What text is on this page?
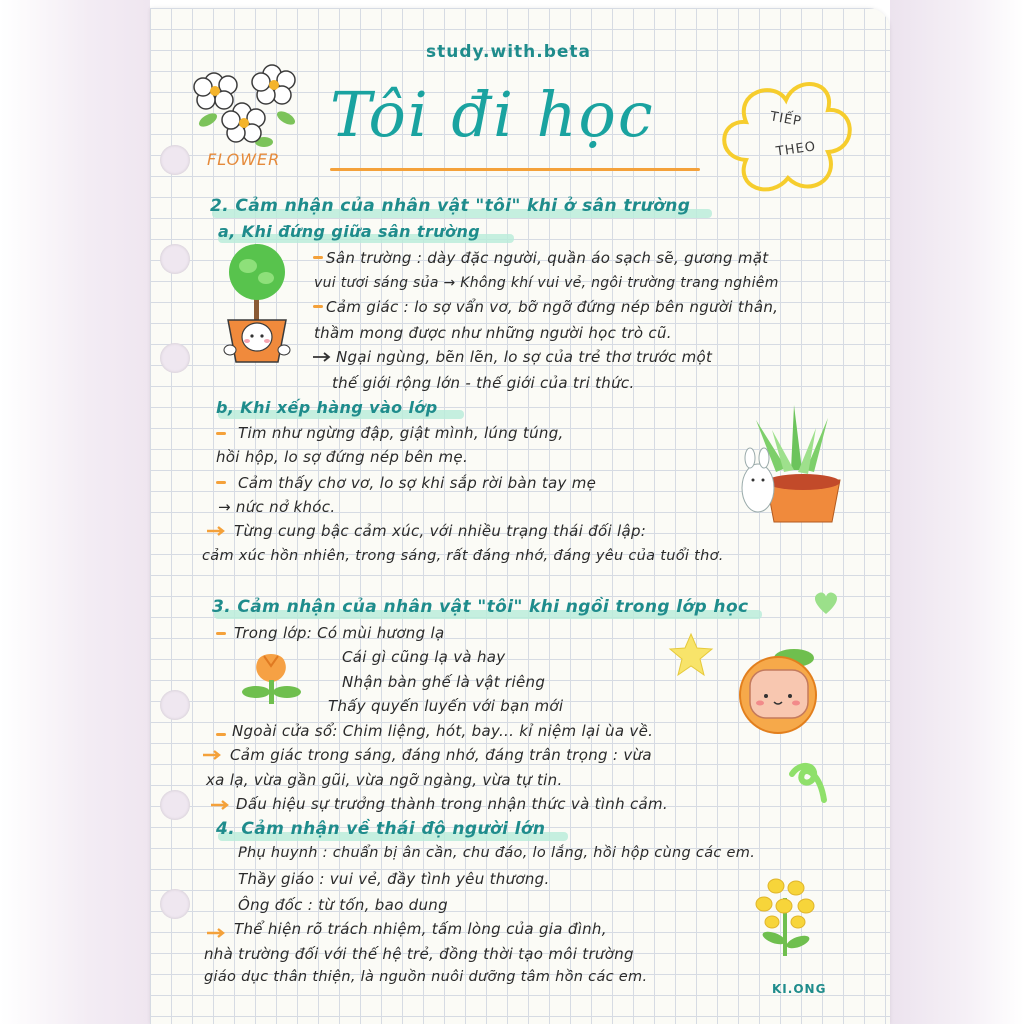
study.with.beta
FLOWER
Tôi đi học	TIẾP
THEO
2. Cảm nhận của nhân vật "tôi" khi ở sân trường
a, Khi đứng giữa sân trường
Sân trường : dày đặc người, quần áo sạch sẽ, gương mặt
vui tươi sáng sủa → Không khí vui vẻ, ngôi trường trang nghiêm
Cảm giác : lo sợ vẩn vơ, bỡ ngỡ đứng nép bên người thân,
thầm mong được như những người học trò cũ.
Ngại ngùng, bẽn lẽn, lo sợ của trẻ thơ trước một
thế giới rộng lớn - thế giới của tri thức.
b, Khi xếp hàng vào lớp
Tim như ngừng đập, giật mình, lúng túng,
hồi hộp, lo sợ đứng nép bên mẹ.
Cảm thấy chơ vơ, lo sợ khi sắp rời bàn tay mẹ
→ nức nở khóc.
Từng cung bậc cảm xúc, với nhiều trạng thái đối lập:
cảm xúc hồn nhiên, trong sáng, rất đáng nhớ, đáng yêu của tuổi thơ.
3. Cảm nhận của nhân vật "tôi" khi ngồi trong lớp học
Trong lớp: Có mùi hương lạ
Cái gì cũng lạ và hay
Nhận bàn ghế là vật riêng
Thấy quyến luyến với bạn mới
Ngoài cửa sổ: Chim liệng, hót, bay... kỉ niệm lại ùa về.
Cảm giác trong sáng, đáng nhớ, đáng trân trọng : vừa
xa lạ, vừa gần gũi, vừa ngỡ ngàng, vừa tự tin.
Dấu hiệu sự trưởng thành trong nhận thức và tình cảm.
4. Cảm nhận về thái độ người lớn
Phụ huynh : chuẩn bị ân cần, chu đáo, lo lắng, hồi hộp cùng các em.
Thầy giáo : vui vẻ, đầy tình yêu thương.
Ông đốc : từ tốn, bao dung
Thể hiện rõ trách nhiệm, tấm lòng của gia đình,
nhà trường đối với thế hệ trẻ, đồng thời tạo môi trường
giáo dục thân thiện, là nguồn nuôi dưỡng tâm hồn các em.
KI.ONG
